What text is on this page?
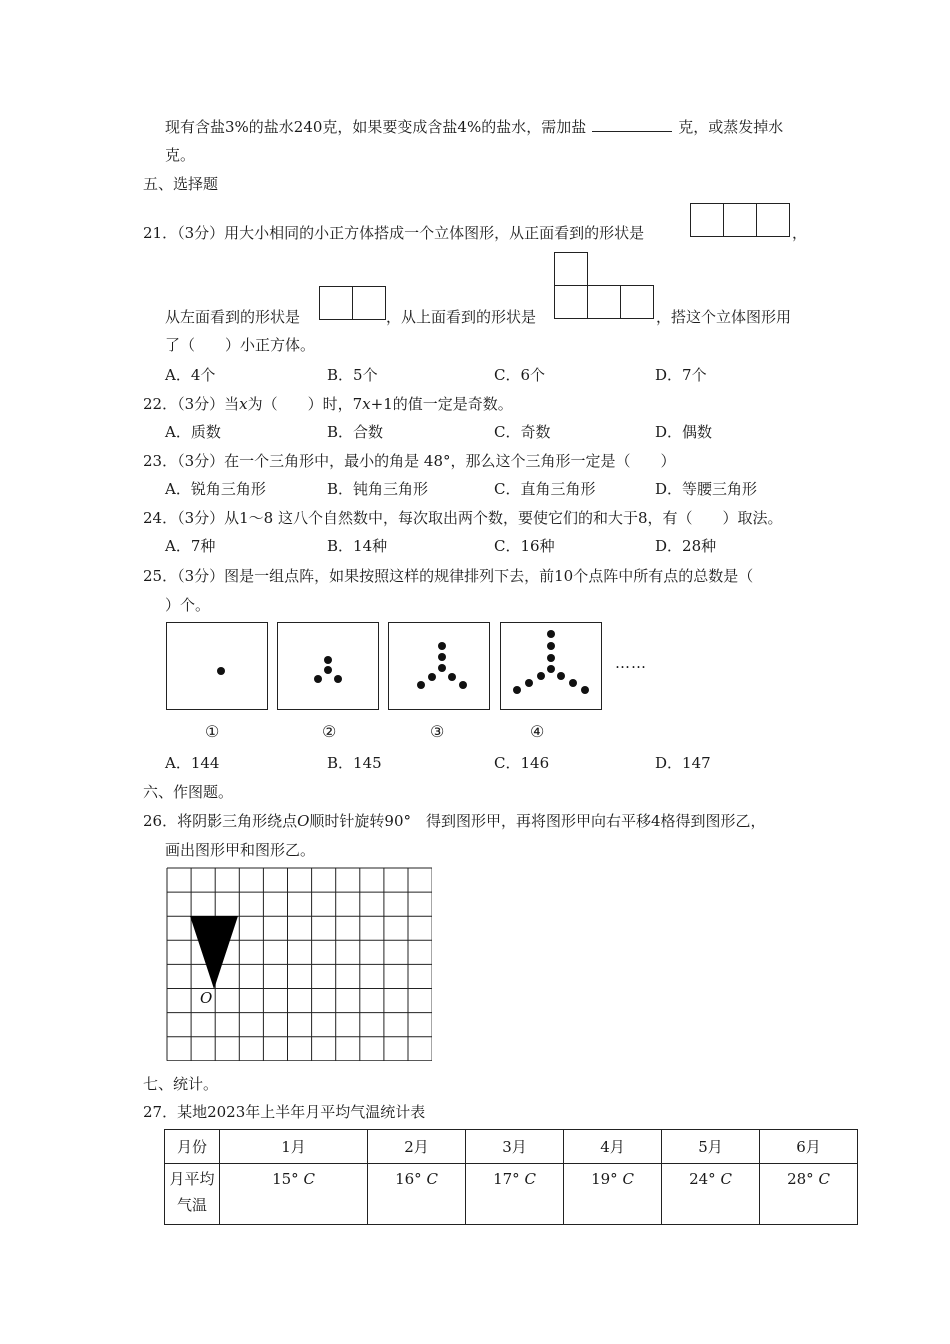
现有含盐3%的盐水240克，如果要变成含盐4%的盐水，需加盐	克，或蒸发掉水
克。
五、选择题
21．（3分）用大小相同的小正方体搭成一个立体图形，从正面看到的形状是	，
从左面看到的形状是	，从上面看到的形状是	，搭这个立体图形用
了（　　）小正方体。
A．4个	B．5个	C．6个	D．7个
22．（3分）当x为（　　）时，7x+1的值一定是奇数。
A．质数	B．合数	C．奇数	D．偶数
23．（3分）在一个三角形中，最小的角是 48°，那么这个三角形一定是（　　）
A．锐角三角形	B．钝角三角形	C．直角三角形	D．等腰三角形
24．（3分）从1～8 这八个自然数中，每次取出两个数，要使它们的和大于8，有（　　）取法。
A．7种	B．14种	C．16种	D．28种
25．（3分）图是一组点阵，如果按照这样的规律排列下去，前10个点阵中所有点的总数是（
）个。
……
①	②	③	④
A．144	B．145	C．146	D．147
六、作图题。
26．将阴影三角形绕点O顺时针旋转90°　得到图形甲，再将图形甲向右平移4格得到图形乙，
画出图形甲和图形乙。
O
七、统计。
27．某地2023年上半年月平均气温统计表
月份	1月	2月	3月	4月	5月	6月

月平均
气温	15° C	16° C	17° C	19° C	24° C	28° C
